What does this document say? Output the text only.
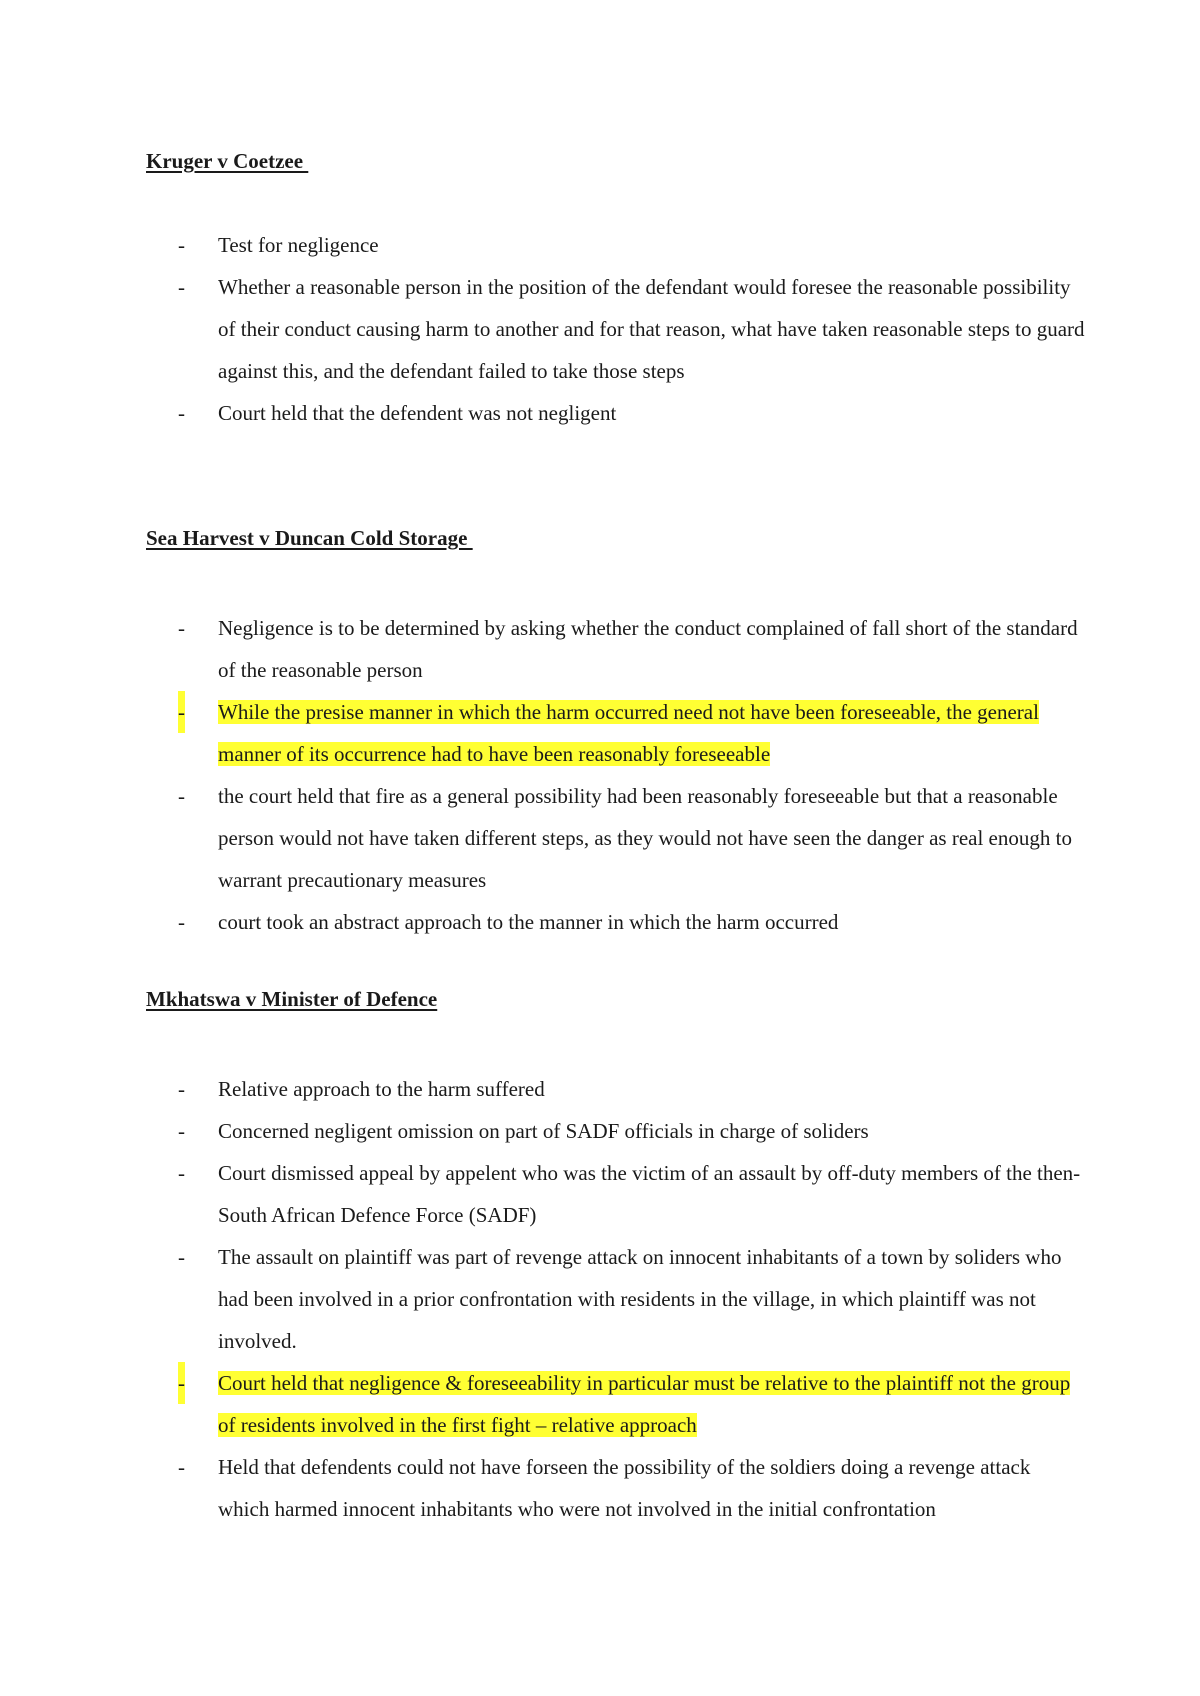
Kruger v Coetzee
- Test for negligence
- Whether a reasonable person in the position of the defendant would foresee the reasonable possibility of their conduct causing harm to another and for that reason, what have taken reasonable steps to guard against this, and the defendant failed to take those steps
- Court held that the defendent was not negligent
Sea Harvest v Duncan Cold Storage
- Negligence is to be determined by asking whether the conduct complained of fall short of the standard of the reasonable person
- While the presise manner in which the harm occurred need not have been foreseeable, the general manner of its occurrence had to have been reasonably foreseeable
- the court held that fire as a general possibility had been reasonably foreseeable but that a reasonable person would not have taken different steps, as they would not have seen the danger as real enough to warrant precautionary measures
- court took an abstract approach to the manner in which the harm occurred
Mkhatswa v Minister of Defence
- Relative approach to the harm suffered
- Concerned negligent omission on part of SADF officials in charge of soliders
- Court dismissed appeal by appelent who was the victim of an assault by off-duty members of the then-South African Defence Force (SADF)
- The assault on plaintiff was part of revenge attack on innocent inhabitants of a town by soliders who had been involved in a prior confrontation with residents in the village, in which plaintiff was not involved.
- Court held that negligence & foreseeability in particular must be relative to the plaintiff not the group of residents involved in the first fight – relative approach
- Held that defendents could not have forseen the possibility of the soldiers doing a revenge attack which harmed innocent inhabitants who were not involved in the initial confrontation
